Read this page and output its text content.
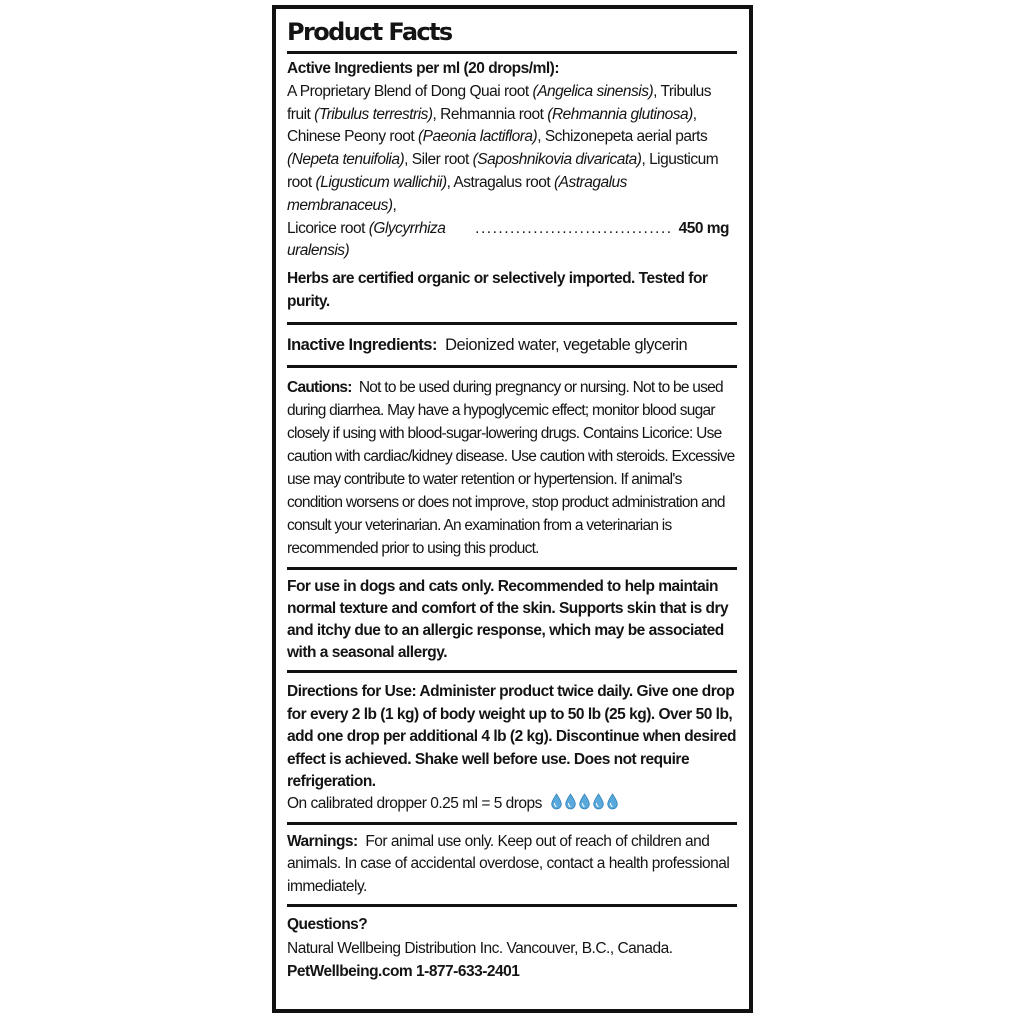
Product Facts
Active Ingredients per ml (20 drops/ml):
A Proprietary Blend of Dong Quai root (Angelica sinensis), Tribulus fruit (Tribulus terrestris), Rehmannia root (Rehmannia glutinosa), Chinese Peony root (Paeonia lactiflora), Schizonepeta aerial parts (Nepeta tenuifolia), Siler root (Saposhnikovia divaricata), Ligusticum root (Ligusticum wallichii), Astragalus root (Astragalus membranaceus),
Licorice root (Glycyrrhiza uralensis)
.................................. 450 mg
Herbs are certified organic or selectively imported. Tested for purity.
Inactive Ingredients: Deionized water, vegetable glycerin
Cautions: Not to be used during pregnancy or nursing. Not to be used during diarrhea. May have a hypoglycemic effect; monitor blood sugar closely if using with blood-sugar-lowering drugs. Contains Licorice: Use caution with cardiac/kidney disease. Use caution with steroids. Excessive use may contribute to water retention or hypertension. If animal's condition worsens or does not improve, stop product administration and consult your veterinarian. An examination from a veterinarian is recommended prior to using this product.
For use in dogs and cats only. Recommended to help maintain normal texture and comfort of the skin. Supports skin that is dry and itchy due to an allergic response, which may be associated with a seasonal allergy.
Directions for Use: Administer product twice daily. Give one drop for every 2 lb (1 kg) of body weight up to 50 lb (25 kg). Over 50 lb, add one drop per additional 4 lb (2 kg). Discontinue when desired effect is achieved. Shake well before use. Does not require refrigeration.
On calibrated dropper 0.25 ml = 5 drops
Warnings: For animal use only. Keep out of reach of children and animals. In case of accidental overdose, contact a health professional immediately.
Questions?
Natural Wellbeing Distribution Inc. Vancouver, B.C., Canada. PetWellbeing.com 1-877-633-2401
